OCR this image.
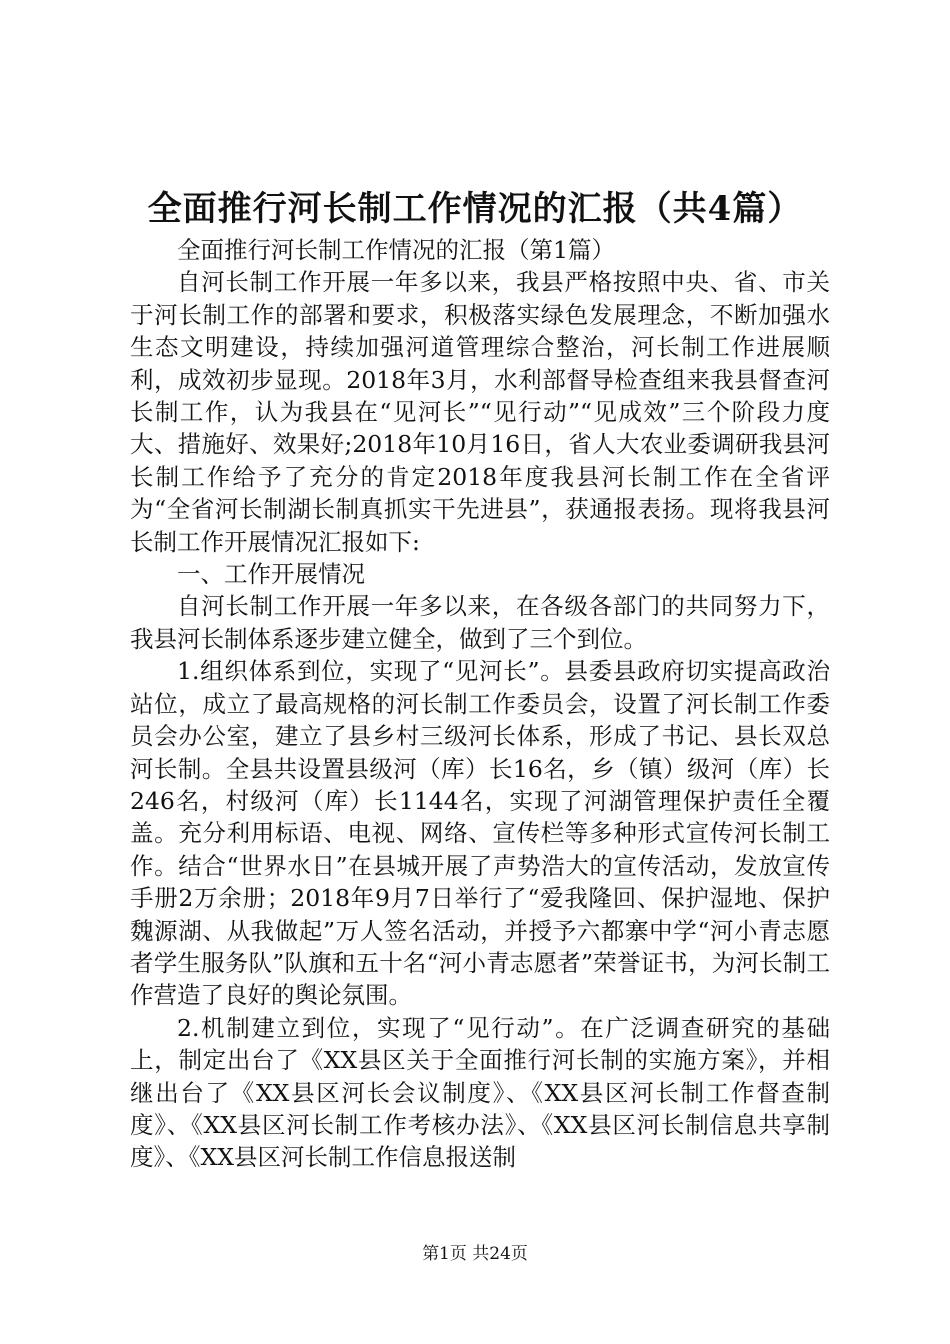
全面推行河长制工作情况的汇报（共4篇）

全面推行河长制工作情况的汇报（第1篇）

自河长制工作开展一年多以来，我县严格按照中央、省、市关于河长制工作的部署和要求，积极落实绿色发展理念，不断加强水生态文明建设，持续加强河道管理综合整治，河长制工作进展顺利，成效初步显现。2018年3月，水利部督导检查组来我县督查河长制工作，认为我县在“见河长”“见行动”“见成效”三个阶段力度大、措施好、效果好;2018年10月16日，省人大农业委调研我县河长制工作给予了充分的肯定2018年度我县河长制工作在全省评为“全省河长制湖长制真抓实干先进县”，获通报表扬。现将我县河长制工作开展情况汇报如下:

一、工作开展情况

自河长制工作开展一年多以来，在各级各部门的共同努力下，我县河长制体系逐步建立健全，做到了三个到位。

1.组织体系到位，实现了“见河长”。县委县政府切实提高政治站位，成立了最高规格的河长制工作委员会，设置了河长制工作委员会办公室，建立了县乡村三级河长体系，形成了书记、县长双总河长制。全县共设置县级河（库）长16名，乡（镇）级河（库）长246名，村级河（库）长1144名，实现了河湖管理保护责任全覆盖。充分利用标语、电视、网络、宣传栏等多种形式宣传河长制工作。结合“世界水日”在县城开展了声势浩大的宣传活动，发放宣传手册2万余册；2018年9月7日举行了“爱我隆回、保护湿地、保护魏源湖、从我做起”万人签名活动，并授予六都寨中学“河小青志愿者学生服务队”队旗和五十名“河小青志愿者”荣誉证书，为河长制工作营造了良好的舆论氛围。

2.机制建立到位，实现了“见行动”。在广泛调查研究的基础上，制定出台了《XX县区关于全面推行河长制的实施方案》，并相继出台了《XX县区河长会议制度》、《XX县区河长制工作督查制度》、《XX县区河长制工作考核办法》、《XX县区河长制信息共享制度》、《XX县区河长制工作信息报送制

第1页 共24页
